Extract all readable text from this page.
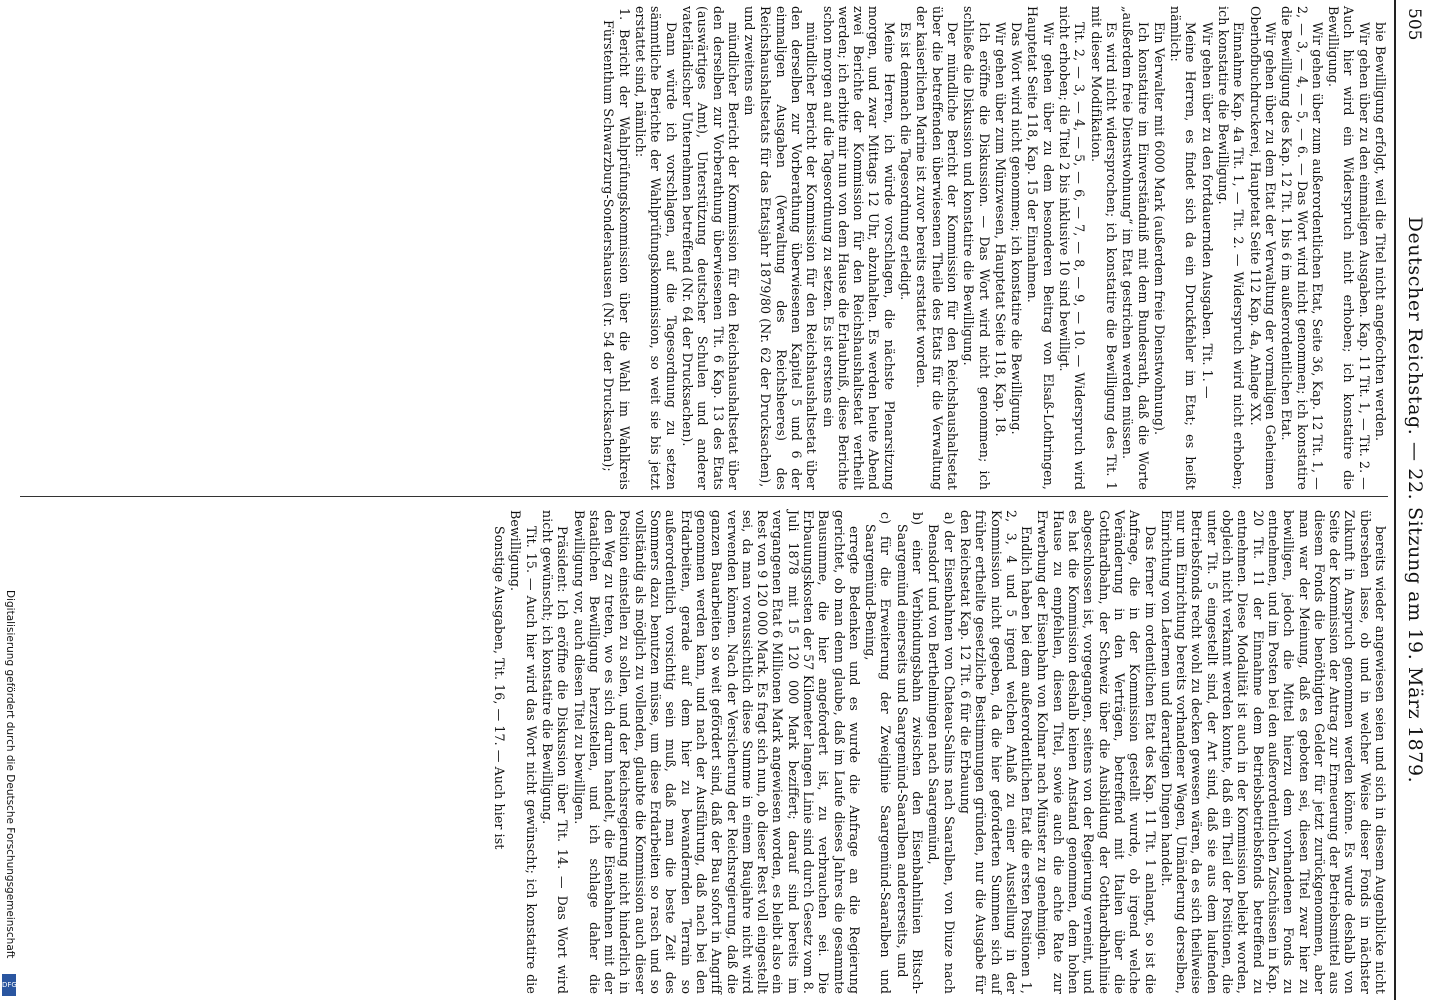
505
Deutscher Reichstag. — 22. Sitzung am 19. März 1879.

bie Bewilligung erfolgt, weil die Titel nicht angefochten werden.

Wir gehen über zu den einmaligen Ausgaben. Kap. 11 Tit. 1, — Tit. 2. — Auch hier wird ein Widerspruch nicht erhoben; ich konstatire die Bewilligung.

Wir gehen über zum außerordentlichen Etat, Seite 36, Kap. 12 Tit. 1, — 2, — 3, — 4, — 5, — 6. — Das Wort wird nicht genommen; ich konstatire die Bewilligung des Kap. 12 Tit. 1 bis 6 im außerordentlichen Etat.

Wir gehen über zu dem Etat der Verwaltung der vormaligen Geheimen Oberhofbuchdruckerei, Hauptetat Seite 112 Kap. 4a, Anlage XX.

Einnahme Kap. 4a Tit. 1, — Tit. 2. — Widerspruch wird nicht erhoben; ich konstatire die Bewilligung.

Wir gehen über zu den fortdauernden Ausgaben. Tit. 1. —

Meine Herren, es findet sich da ein Druckfehler im Etat; es heißt nämlich:

Ein Verwalter mit 6000 Mark (außerdem freie Dienstwohnung).

Ich konstatire im Einverständniß mit dem Bundesrath, daß die Worte „außerdem freie Dienstwohnung“ im Etat gestrichen werden müssen.

Es wird nicht widersprochen; ich konstatire die Bewilligung des Tit. 1 mit dieser Modifikation.

Tit. 2, — 3, — 4, — 5, — 6, — 7, — 8, — 9, — 10. — Widerspruch wird nicht erhoben; die Titel 2 bis inklusive 10 sind bewilligt.

Wir gehen über zu dem besonderen Beitrag von Elsaß-Lothringen, Hauptetat Seite 118, Kap. 15 der Einnahmen.

Das Wort wird nicht genommen; ich konstatire die Bewilligung.

Wir gehen über zum Münzwesen, Hauptetat Seite 118, Kap. 18.

Ich eröffne die Diskussion. — Das Wort wird nicht genommen; ich schließe die Diskussion und konstatire die Bewilligung.

Der mündliche Bericht der Kommission für den Reichshaushaltsetat über die betreffenden überwiesenen Theile des Etats für die Verwaltung der kaiserlichen Marine ist zuvor bereits erstattet worden.

Es ist demnach die Tagesordnung erledigt.

Meine Herren, ich würde vorschlagen, die nächste Plenarsitzung morgen, und zwar Mittags 12 Uhr, abzuhalten. Es werden heute Abend zwei Berichte der Kommission für den Reichshaushaltsetat vertheilt werden; ich erbitte mir nun von dem Hause die Erlaubniß, diese Berichte schon morgen auf die Tagesordnung zu setzen. Es ist erstens ein

mündlicher Bericht der Kommission für den Reichshaushaltsetat über den derselben zur Vorberathung überwiesenen Kapitel 5 und 6 der einmaligen Ausgaben (Verwaltung des Reichsheeres) des Reichshaushaltsetats für das Etatsjahr 1879/80 (Nr. 62 der Drucksachen),

und zweitens ein

mündlicher Bericht der Kommission für den Reichshaushaltsetat über den derselben zur Vorberathung überwiesenen Tit. 6 Kap. 13 des Etats (auswärtiges Amt), Unterstützung deutscher Schulen und anderer vaterländischer Unternehmen betreffend (Nr. 64 der Drucksachen).

Dann würde ich vorschlagen, auf die Tagesordnung zu setzen sämmtliche Berichte der Wahlprüfungskommission, so weit sie bis jetzt erstattet sind, nämlich:

1. Bericht der Wahlprüfungskommission über die Wahl im Wahlkreis Fürstenthum Schwarzburg-Sondershausen (Nr. 54 der Drucksachen);

bereits wieder angewiesen seien und sich in diesem Augenblicke nicht übersehen lasse, ob und in welcher Weise dieser Fonds in nächster Zukunft in Anspruch genommen werden könne. Es wurde deshalb von Seite der Kommission der Antrag zur Erneuerung der Betriebsmittel aus diesem Fonds die benöthigten Gelder für jetzt zurückgenommen, aber man war der Meinung, daß es geboten sei, diesen Titel zwar hier zu bewilligen, jedoch die Mittel hierzu dem vorhandenen Fonds zu entnehmen, und im Posten bei den außerordentlichen Zuschüssen in Kap. 20 Tit. 11 der Einnahme dem Betriebsbetriebsfonds betreffend zu entnehmen. Diese Modalität ist auch in der Kommission beliebt worden, obgleich nicht verkannt werden konnte, daß ein Theil der Positionen, die unter Tit. 5 eingestellt sind, der Art sind, daß sie aus dem laufenden Betriebsfonds recht wohl zu decken gewesen wären, da es sich theilweise nur um Einrichtung bereits vorhandener Wagen, Umänderung derselben, Einrichtung von Laternen und derartigen Dingen handelt.

Das ferner im ordentlichen Etat des Kap. 11 Tit. 1 anlangt, so ist die Anfrage, die in der Kommission gestellt wurde, ob irgend welche Veränderung in den Verträgen, betreffend mit Italien über die Gotthardbahn, der Schweiz über die Ausbildung der Gotthardbahnlinie abgeschlossen ist, vorgegangen, seitens von der Regierung verneint, und es hat die Kommission deshalb keinen Anstand genommen, dem hohen Hause zu empfehlen, diesen Titel, sowie auch die achte Rate zur Erwerbung der Eisenbahn von Kolmar nach Münster zu genehmigen.

Endlich haben bei dem außerordentlichen Etat die ersten Positionen 1, 2, 3, 4 und 5 irgend welchen Anlaß zu einer Ausstellung in der Kommission nicht gegeben, da die hier geforderten Summen sich auf früher ertheilte gesetzliche Bestimmungen gründen, nur die Ausgabe für den Reichsetat Kap. 12 Tit. 6 für die Erbauung

a) der Eisenbahnen von Chateau-Salins nach Saaralben, von Diuze nach Bensdorf und von Berthelmingen nach Saargemünd,

b) einer Verbindungsbahn zwischen den Eisenbahnlinien Bitsch-Saargemünd einerseits und Saargemünd-Saaralben andererseits, und

c) für die Erweiterung der Zweiglinie Saargemünd-Saaralben und Saargemünd-Bening,

erregte Bedenken und es wurde die Anfrage an die Regierung gerichtet, ob man denn glaube, daß im Laufe dieses Jahres die gesammte Bausumme, die hier angefordert ist, zu verbrauchen sei. Die Erbauungskosten der 57 Kilometer langen Linie sind durch Gesetz vom 8. Juli 1878 mit 15 120 000 Mark beziffert; darauf sind bereits im vergangenen Etat 6 Millionen Mark angewiesen worden, es bleibt also ein Rest von 9 120 000 Mark. Es fragt sich nun, ob dieser Rest voll eingestellt sei, da man voraussichtlich diese Summe in einem Baujahre nicht wird verwenden können. Nach der Versicherung der Reichsregierung, daß die ganzen Bauarbeiten so weit gefördert sind, daß der Bau sofort in Angriff genommen werden kann, und nach der Ausführung, daß nach bei den Erdarbeiten, gerade auf dem hier zu bewandernden Terrain so außerordentlich vorsichtig sein muß, daß man die beste Zeit des Sommers dazu benutzen müsse, um diese Erdarbeiten so rasch und so vollständig als möglich zu vollenden, glaubte die Kommission auch dieser Position einstellen zu sollen, und der Reichsregierung nicht hinderlich in den Weg zu treten, wo es sich darum handelt, die Eisenbahnen mit der staatlichen Bewilligung herzustellen, und ich schlage daher die Bewilligung vor, auch diesen Titel zu bewilligen.

Präsident: Ich eröffne die Diskussion über Tit. 14. — Das Wort wird nicht gewünscht; ich konstatire die Bewilligung.

Tit. 15. — Auch hier wird das Wort nicht gewünscht; ich konstatire die Bewilligung.

Sonstige Ausgaben, Tit. 16, — 17. — Auch hier ist

Digitalisierung gefördert durch die Deutsche Forschungsgemeinschaft
DFG
